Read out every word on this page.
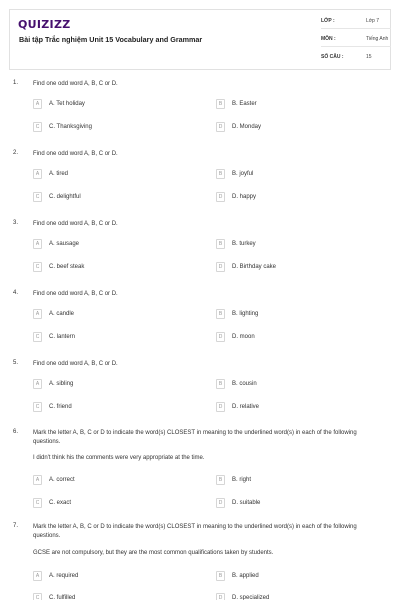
QUIZIZZ
Bài tập Trắc nghiệm Unit 15 Vocabulary and Grammar
LỚP :	Lớp 7
MÔN :	Tiếng Anh
SỐ CÂU :	15
1. Find one odd word A, B, C or D.
A	A. Tet holiday	B	B. Easter
C	C. Thanksgiving	D	D. Monday
2. Find one odd word A, B, C or D.
A	A. tired	B	B. joyful
C	C. delightful	D	D. happy
3. Find one odd word A, B, C or D.
A	A. sausage	B	B. turkey
C	C. beef steak	D	D. Birthday cake
4. Find one odd word A, B, C or D.
A	A. candle	B	B. lighting
C	C. lantern	D	D. moon
5. Find one odd word A, B, C or D.
A	A. sibling	B	B. cousin
C	C. friend	D	D. relative
6. Mark the letter A, B, C or D to indicate the word(s) CLOSEST in meaning to the underlined word(s) in each of the following questions.
I didn't think his the comments were very appropriate at the time.
A	A. correct	B	B. right
C	C. exact	D	D. suitable
7. Mark the letter A, B, C or D to indicate the word(s) CLOSEST in meaning to the underlined word(s) in each of the following questions.
GCSE are not compulsory, but they are the most common qualifications taken by students.
A	A. required	B	B. applied
C	C. fulfilled	D	D. specialized
